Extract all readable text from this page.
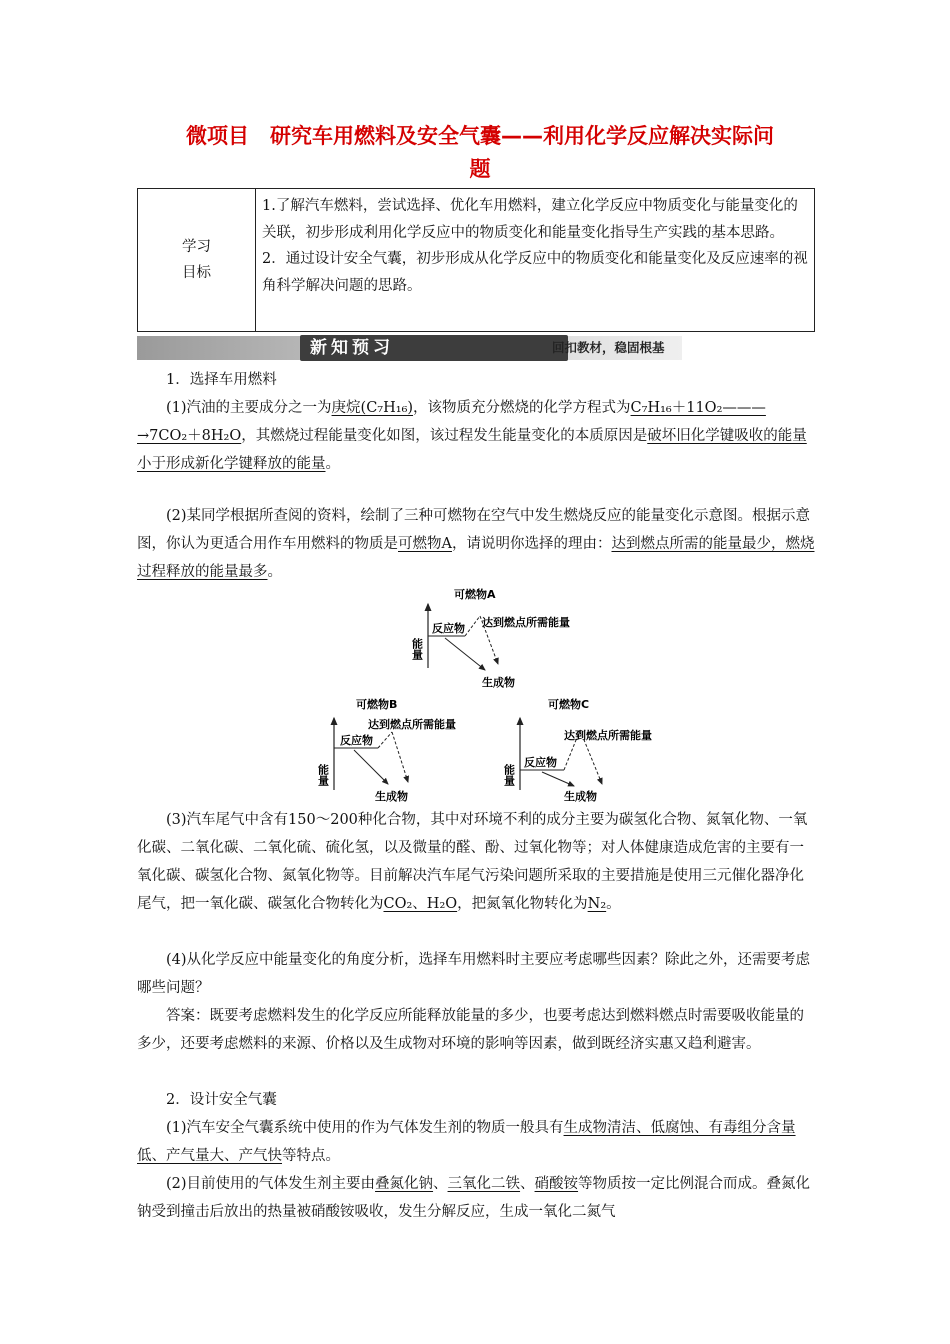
微项目　研究车用燃料及安全气囊——利用化学反应解决实际问
题
学习
目标
1.了解汽车燃料，尝试选择、优化车用燃料，建立化学反应中物质变化与能量变化的关联，初步形成利用化学反应中的物质变化和能量变化指导生产实践的基本思路。
2．通过设计安全气囊，初步形成从化学反应中的物质变化和能量变化及反应速率的视角科学解决问题的思路。
新知预习	回扣教材，稳固根基
1．选择车用燃料
(1)汽油的主要成分之一为庚烷(C₇H₁₆)，该物质充分燃烧的化学方程式为C₇H₁₆＋11O₂———→7CO₂＋8H₂O，其燃烧过程能量变化如图，该过程发生能量变化的本质原因是破坏旧化学键吸收的能量小于形成新化学键释放的能量。
(2)某同学根据所查阅的资料，绘制了三种可燃物在空气中发生燃烧反应的能量变化示意图。根据示意图，你认为更适合用作车用燃料的物质是可燃物A，请说明你选择的理由：达到燃点所需的能量最少，燃烧过程释放的能量最多。
可燃物A
能量
反应物 达到燃点所需能量
生成物
可燃物B
能量
反应物
达到燃点所需能量
生成物
可燃物C
能量
反应物
达到燃点所需能量
生成物
(3)汽车尾气中含有150～200种化合物，其中对环境不利的成分主要为碳氢化合物、氮氧化物、一氧化碳、二氧化碳、二氧化硫、硫化氢，以及微量的醛、酚、过氧化物等；对人体健康造成危害的主要有一氧化碳、碳氢化合物、氮氧化物等。目前解决汽车尾气污染问题所采取的主要措施是使用三元催化器净化尾气，把一氧化碳、碳氢化合物转化为CO₂、H₂O，把氮氧化物转化为N₂。
(4)从化学反应中能量变化的角度分析，选择车用燃料时主要应考虑哪些因素？除此之外，还需要考虑哪些问题？
答案：既要考虑燃料发生的化学反应所能释放能量的多少，也要考虑达到燃料燃点时需要吸收能量的多少，还要考虑燃料的来源、价格以及生成物对环境的影响等因素，做到既经济实惠又趋利避害。
2．设计安全气囊
(1)汽车安全气囊系统中使用的作为气体发生剂的物质一般具有生成物清洁、低腐蚀、有毒组分含量低、产气量大、产气快等特点。
(2)目前使用的气体发生剂主要由叠氮化钠、三氧化二铁、硝酸铵等物质按一定比例混合而成。叠氮化钠受到撞击后放出的热量被硝酸铵吸收，发生分解反应，生成一氧化二氮气
